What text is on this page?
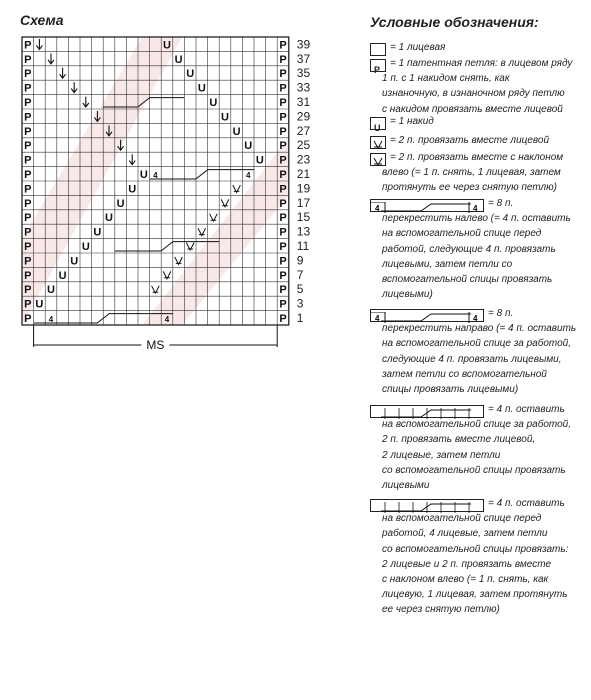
Схема
39
P	U	P
37
P	U	P
35
P	U	P
33
P	U	P
31
P	U	P
29
P	U	P
27
P	U	P
25
P	U P
23
P	U P
21
P	U 4	4	P
19
P	U	P
17
P	U	P
15
P	U	P
13
P	U	P
11
P	U	P
9
P	U	P
7
P U	P
5
P U	P
3
P U	P
1
P 4	4	P
MS
Условные обозначения:
= 1 лицевая
P
= 1 патентная петля: в лицевом ряду
1 п. с 1 накидом снять, как
изнаночную, в изнаночном ряду петлю
с накидом провязать вместе лицевой
U
= 1 накид
= 2 п. провязать вместе лицевой
= 2 п. провязать вместе с наклоном
влево (= 1 п. снять, 1 лицевая, затем
протянуть ее через снятую петлю)
4	4 = 8 п.
перекрестить налево (= 4 п. оставить
на вспомогательной спице перед
работой, следующие 4 п. провязать
лицевыми, затем петли со
вспомогательной спицы провязать
лицевыми)
4	4 = 8 п.
перекрестить направо (= 4 п. оставить
на вспомогательной спице за работой,
следующие 4 п. провязать лицевыми,
затем петли со вспомогательной
спицы провязать лицевыми)
= 4 п. оставить
на вспомогательной спице за работой,
2 п. провязать вместе лицевой,
2 лицевые, затем петли
со вспомогательной спицы провязать
лицевыми
= 4 п. оставить
на вспомогательной спице перед
работой, 4 лицевые, затем петли
со вспомогательной спицы провязать:
2 лицевые и 2 п. провязать вместе
с наклоном влево (= 1 п. снять, как
лицевую, 1 лицевая, затем протянуть
ее через снятую петлю)
